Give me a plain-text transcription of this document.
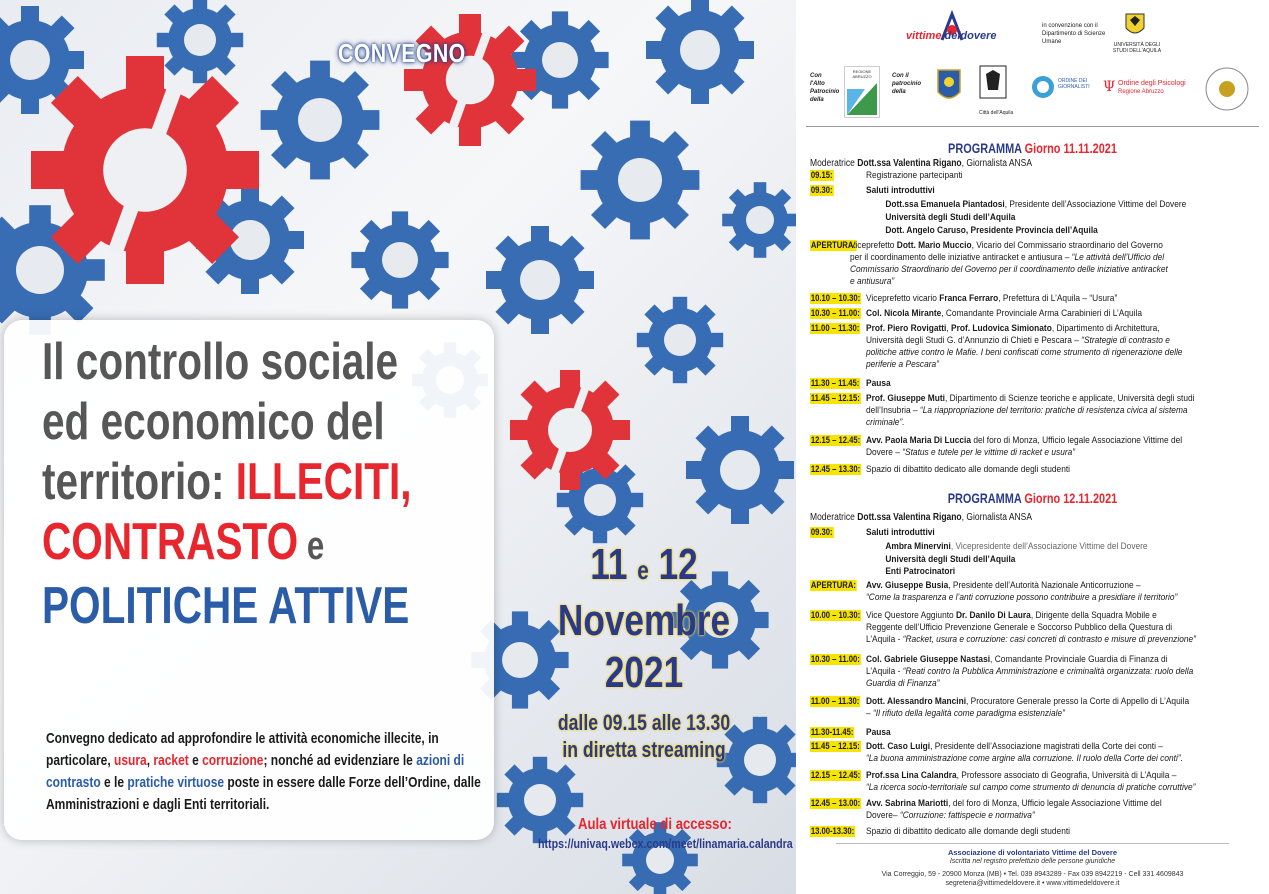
CONVEGNO
Il controllo sociale
ed economico del
territorio: ILLECITI,
CONTRASTO e
POLITICHE ATTIVE
Convegno dedicato ad approfondire le attività economiche illecite, in particolare, usura, racket e corruzione; nonché ad evidenziare le azioni di contrasto e le pratiche virtuose poste in essere dalle Forze dell’Ordine, dalle Amministrazioni e dagli Enti territoriali.
11 e 12
Novembre
2021
dalle 09.15 alle 13.30
in diretta streaming
Aula virtuale di accesso:
https://univaq.webex.com/meet/linamaria.calandra
vittime deldovere
in convenzione con il Dipartimento di Scienze Umane	UNIVERSITÀ DEGLI STUDI DELL'AQUILA
Con l'Alto Patrocinio della
REGIONE ABRUZZO	Con il patrocinio della
Città dell'Aquila
ORDINE DEI GIORNALISTI Ψ Ordine degli Psicologi
Regione Abruzzo
PROGRAMMA Giorno 11.11.2021
Moderatrice Dott.ssa Valentina Rigano, Giornalista ANSA
09.15:	Registrazione partecipanti
09.30:	Saluti introduttivi
Dott.ssa Emanuela Piantadosi, Presidente dell’Associazione Vittime del Dovere
Università degli Studi dell’Aquila
Dott. Angelo Caruso, Presidente Provincia dell’Aquila
APERTURA:
Viceprefetto Dott. Mario Muccio, Vicario del Commissario straordinario del Governo
per il coordinamento delle iniziative antiracket e antiusura – “Le attività dell’Ufficio del
Commissario Straordinario del Governo per il coordinamento delle iniziative antiracket
e antiusura”
10.10 – 10.30: Viceprefetto vicario Franca Ferraro, Prefettura di L’Aquila – “Usura”
10.30 – 11.00: Col. Nicola Mirante, Comandante Provinciale Arma Carabinieri di L’Aquila
11.00 – 11.30: Prof. Piero Rovigatti, Prof. Ludovica Simionato, Dipartimento di Architettura,
Università degli Studi G. d’Annunzio di Chieti e Pescara – “Strategie di contrasto e
politiche attive contro le Mafie. I beni confiscati come strumento di rigenerazione delle
periferie a Pescara”
11.30 – 11.45: Pausa
11.45 – 12.15: Prof. Giuseppe Muti, Dipartimento di Scienze teoriche e applicate, Università degli studi
dell’Insubria – “La riappropriazione del territorio: pratiche di resistenza civica al sistema
criminale”.
12.15 – 12.45: Avv. Paola Maria Di Luccia del foro di Monza, Ufficio legale Associazione Vittime del
Dovere – “Status e tutele per le vittime di racket e usura”
12.45 – 13.30: Spazio di dibattito dedicato alle domande degli studenti
PROGRAMMA Giorno 12.11.2021
Moderatrice Dott.ssa Valentina Rigano, Giornalista ANSA
09.30:	Saluti introduttivi
Ambra Minervini, Vicepresidente dell’Associazione Vittime del Dovere
Università degli Studi dell’Aquila
Enti Patrocinatori
APERTURA: Avv. Giuseppe Busia, Presidente dell’Autorità Nazionale Anticorruzione –
“Come la trasparenza e l’anti corruzione possono contribuire a presidiare il territorio”
10.00 – 10.30: Vice Questore Aggiunto Dr. Danilo Di Laura, Dirigente della Squadra Mobile e
Reggente dell’Ufficio Prevenzione Generale e Soccorso Pubblico della Questura di
L’Aquila - “Racket, usura e corruzione: casi concreti di contrasto e misure di prevenzione”
10.30 – 11.00: Col. Gabriele Giuseppe Nastasi, Comandante Provinciale Guardia di Finanza di
L’Aquila - “Reati contro la Pubblica Amministrazione e criminalità organizzata: ruolo della
Guardia di Finanza”
11.00 – 11.30: Dott. Alessandro Mancini, Procuratore Generale presso la Corte di Appello di L’Aquila
– “Il rifiuto della legalità come paradigma esistenziale”
11.30-11.45: Pausa
11.45 – 12.15: Dott. Caso Luigi, Presidente dell’Associazione magistrati della Corte dei conti –
“La buona amministrazione come argine alla corruzione. Il ruolo della Corte dei conti”.
12.15 – 12.45: Prof.ssa Lina Calandra, Professore associato di Geografia, Università di L’Aquila –
“La ricerca socio-territoriale sul campo come strumento di denuncia di pratiche corruttive”
12.45 – 13.00: Avv. Sabrina Mariotti, del foro di Monza, Ufficio legale Associazione Vittime del
Dovere– “Corruzione: fattispecie e normativa”
13.00-13.30: Spazio di dibattito dedicato alle domande degli studenti
Associazione di volontariato Vittime del Dovere
Iscritta nel registro prefettizio delle persone giuridiche
Via Correggio, 59 - 20900 Monza (MB) • Tel. 039 8943289 - Fax 039 8942219 - Cell 331 4609843
segreteria@vittimedeldovere.it • www.vittimedeldovere.it
